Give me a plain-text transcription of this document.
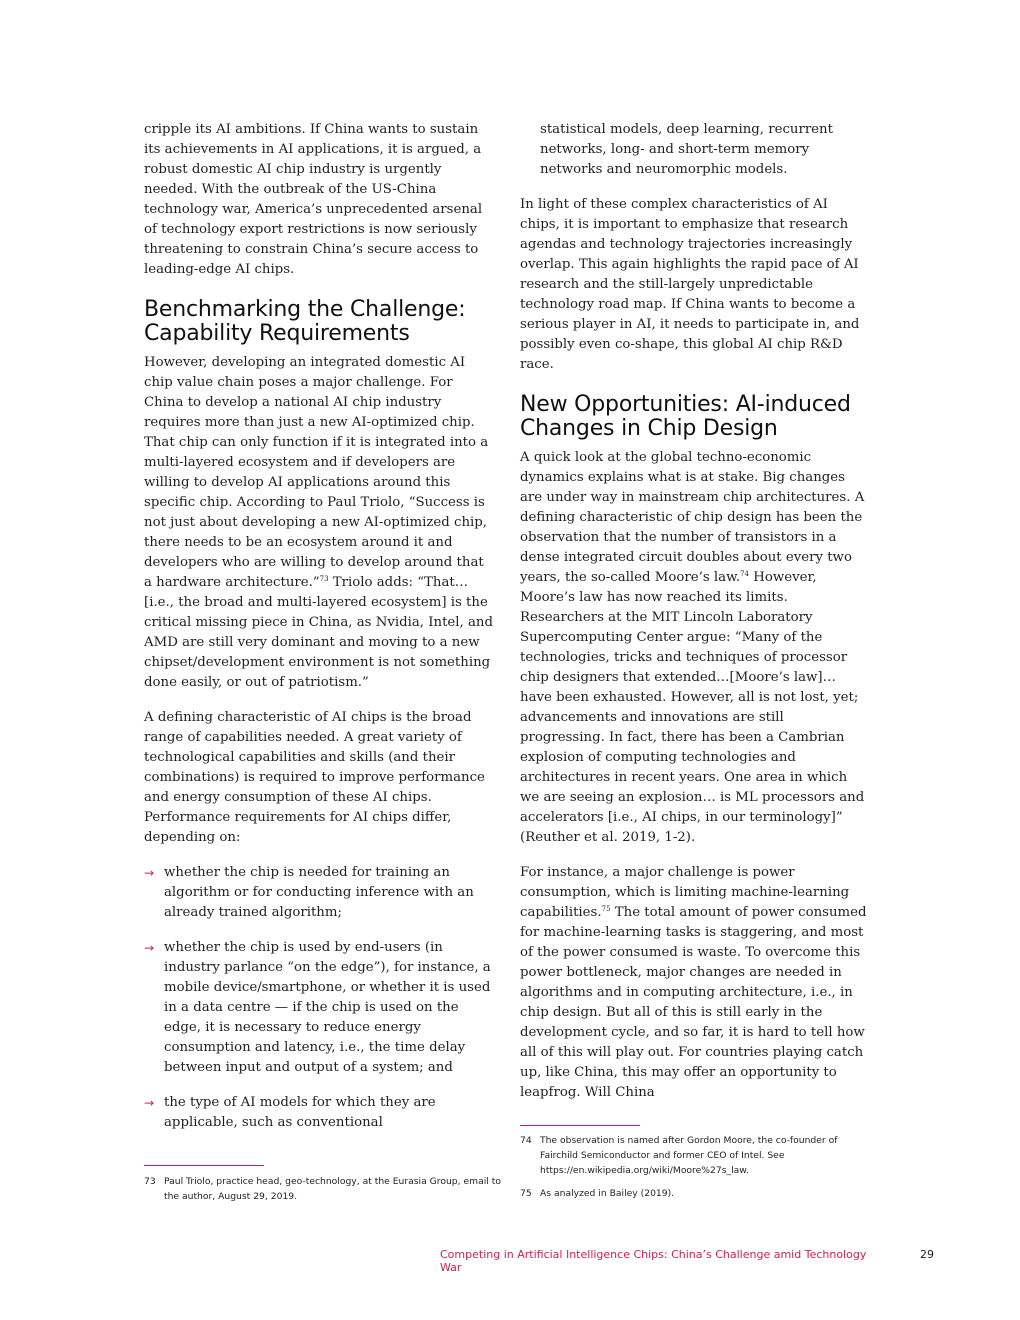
cripple its AI ambitions. If China wants to sustain its achievements in AI applications, it is argued, a robust domestic AI chip industry is urgently needed. With the outbreak of the US-China technology war, America’s unprecedented arsenal of technology export restrictions is now seriously threatening to constrain China’s secure access to leading-edge AI chips.

Benchmarking the Challenge: Capability Requirements

However, developing an integrated domestic AI chip value chain poses a major challenge. For China to develop a national AI chip industry requires more than just a new AI-optimized chip. That chip can only function if it is integrated into a multi-layered ecosystem and if developers are willing to develop AI applications around this specific chip. According to Paul Triolo, “Success is not just about developing a new AI-optimized chip, there needs to be an ecosystem around it and developers who are willing to develop around that a hardware architecture.”$^{73}$ Triolo adds: “That… [i.e., the broad and multi-layered ecosystem] is the critical missing piece in China, as Nvidia, Intel, and AMD are still very dominant and moving to a new chipset/development environment is not something done easily, or out of patriotism.”

A defining characteristic of AI chips is the broad range of capabilities needed. A great variety of technological capabilities and skills (and their combinations) is required to improve performance and energy consumption of these AI chips. Performance requirements for AI chips differ, depending on:

→ whether the chip is needed for training an algorithm or for conducting inference with an already trained algorithm;

→ whether the chip is used by end-users (in industry parlance “on the edge”), for instance, a mobile device/smartphone, or whether it is used in a data centre — if the chip is used on the edge, it is necessary to reduce energy consumption and latency, i.e., the time delay between input and output of a system; and

→ the type of AI models for which they are applicable, such as conventional

statistical models, deep learning, recurrent networks, long- and short-term memory networks and neuromorphic models.

In light of these complex characteristics of AI chips, it is important to emphasize that research agendas and technology trajectories increasingly overlap. This again highlights the rapid pace of AI research and the still-largely unpredictable technology road map. If China wants to become a serious player in AI, it needs to participate in, and possibly even co-shape, this global AI chip R&D race.

New Opportunities: AI-induced Changes in Chip Design

A quick look at the global techno-economic dynamics explains what is at stake. Big changes are under way in mainstream chip architectures. A defining characteristic of chip design has been the observation that the number of transistors in a dense integrated circuit doubles about every two years, the so-called Moore’s law.$^{74}$ However, Moore’s law has now reached its limits. Researchers at the MIT Lincoln Laboratory Supercomputing Center argue: “Many of the technologies, tricks and techniques of processor chip designers that extended…[Moore’s law]… have been exhausted. However, all is not lost, yet; advancements and innovations are still progressing. In fact, there has been a Cambrian explosion of computing technologies and architectures in recent years. One area in which we are seeing an explosion… is ML processors and accelerators [i.e., AI chips, in our terminology]” (Reuther et al. 2019, 1-2).

For instance, a major challenge is power consumption, which is limiting machine-learning capabilities.$^{75}$ The total amount of power consumed for machine-learning tasks is staggering, and most of the power consumed is waste. To overcome this power bottleneck, major changes are needed in algorithms and in computing architecture, i.e., in chip design. But all of this is still early in the development cycle, and so far, it is hard to tell how all of this will play out. For countries playing catch up, like China, this may offer an opportunity to leapfrog. Will China

73 Paul Triolo, practice head, geo-technology, at the Eurasia Group, email to the author, August 29, 2019.
74 The observation is named after Gordon Moore, the co-founder of Fairchild Semiconductor and former CEO of Intel. See https://en.wikipedia.org/wiki/Moore%27s_law.
75 As analyzed in Bailey (2019).
Competing in Artificial Intelligence Chips: China’s Challenge amid Technology War
29
